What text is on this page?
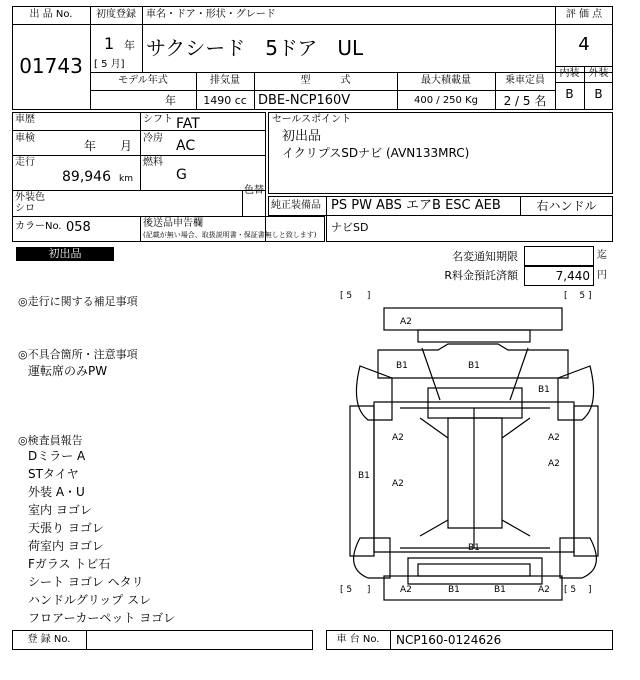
出 品 No.
01743
初度登録
1 年
[ 5 月]
車名・ドア・形状・グレード
サクシード　5ドア　UL
評 価 点
4
内装 外装
B	B
モデル年式
年
排気量
1490 cc
型　　　式
DBE-NCP160V
最大積載量
400 / 250 Kg
乗車定員
2 / 5 名
車歴
車検
年　　月
走行
89,946 km
外装色
シロ
色替
シフト FAT
冷房 AC
燃料
G
カラーNo. 058	後送品申告欄
(記載が無い場合、取扱説明書・保証書無しと致します)
セールスポイント
初出品
イクリプスSDナビ (AVN133MRC)
純正装備品 PS PW ABS エアB ESC AEB	右ハンドル
ナビSD
初出品	名変通知期限	迄
R料金預託済額	7,440 円
◎走行に関する補足事項
◎不具合箇所・注意事項
運転席のみPW
◎検査員報告
Dミラー A
STタイヤ
外装 A・U
室内 ヨゴレ
天張り ヨゴレ
荷室内 ヨゴレ
Fガラス トビ石
シート ヨゴレ ヘタリ
ハンドルグリップ スレ
フロアーカーペット ヨゴレ
[ 5 　 ]	[　 5 ]
[ 5 　 ]	[ 5 　]
A2
B1	B1
B1
A2	A2
A2
B1
A2
B1
A2	B1	B1	A2
登 録 No.	車 台 No.	NCP160-0124626
